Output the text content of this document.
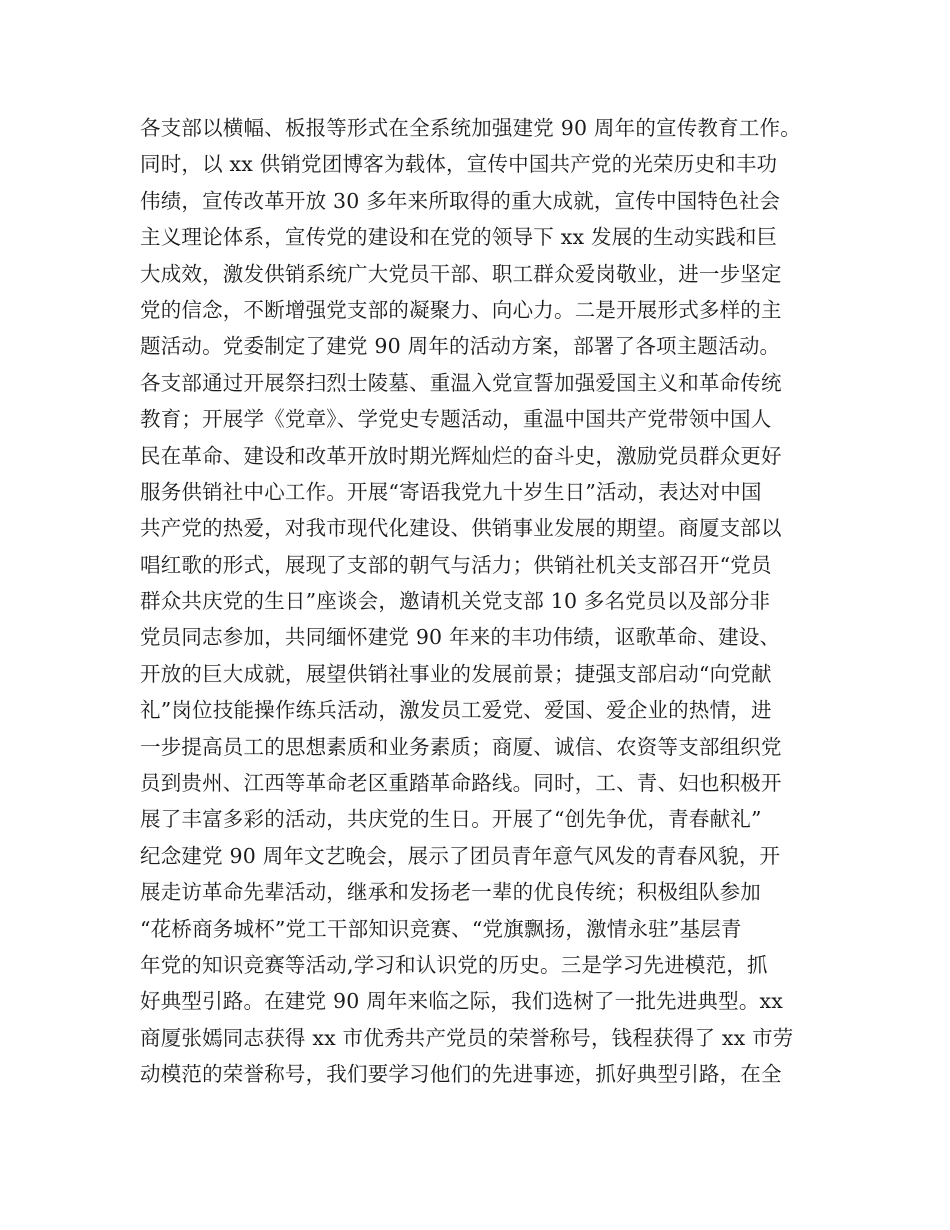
各支部以横幅、板报等形式在全系统加强建党 90 周年的宣传教育工作。
同时，以 xx 供销党团博客为载体，宣传中国共产党的光荣历史和丰功
伟绩，宣传改革开放 30 多年来所取得的重大成就，宣传中国特色社会
主义理论体系，宣传党的建设和在党的领导下 xx 发展的生动实践和巨
大成效，激发供销系统广大党员干部、职工群众爱岗敬业，进一步坚定
党的信念，不断增强党支部的凝聚力、向心力。二是开展形式多样的主
题活动。党委制定了建党 90 周年的活动方案，部署了各项主题活动。
各支部通过开展祭扫烈士陵墓、重温入党宣誓加强爱国主义和革命传统
教育；开展学《党章》、学党史专题活动，重温中国共产党带领中国人
民在革命、建设和改革开放时期光辉灿烂的奋斗史，激励党员群众更好
服务供销社中心工作。开展“寄语我党九十岁生日”活动，表达对中国
共产党的热爱，对我市现代化建设、供销事业发展的期望。商厦支部以
唱红歌的形式，展现了支部的朝气与活力；供销社机关支部召开“党员
群众共庆党的生日”座谈会，邀请机关党支部 10 多名党员以及部分非
党员同志参加，共同缅怀建党 90 年来的丰功伟绩，讴歌革命、建设、
开放的巨大成就，展望供销社事业的发展前景；捷强支部启动“向党献
礼”岗位技能操作练兵活动，激发员工爱党、爱国、爱企业的热情，进
一步提高员工的思想素质和业务素质；商厦、诚信、农资等支部组织党
员到贵州、江西等革命老区重踏革命路线。同时，工、青、妇也积极开
展了丰富多彩的活动，共庆党的生日。开展了“创先争优，青春献礼”
纪念建党 90 周年文艺晚会，展示了团员青年意气风发的青春风貌，开
展走访革命先辈活动，继承和发扬老一辈的优良传统；积极组队参加
“花桥商务城杯”党工干部知识竞赛、“党旗飘扬，激情永驻”基层青
年党的知识竞赛等活动,学习和认识党的历史。三是学习先进模范，抓
好典型引路。在建党 90 周年来临之际，我们选树了一批先进典型。xx
商厦张嫣同志获得 xx 市优秀共产党员的荣誉称号，钱程获得了 xx 市劳
动模范的荣誉称号，我们要学习他们的先进事迹，抓好典型引路，在全
